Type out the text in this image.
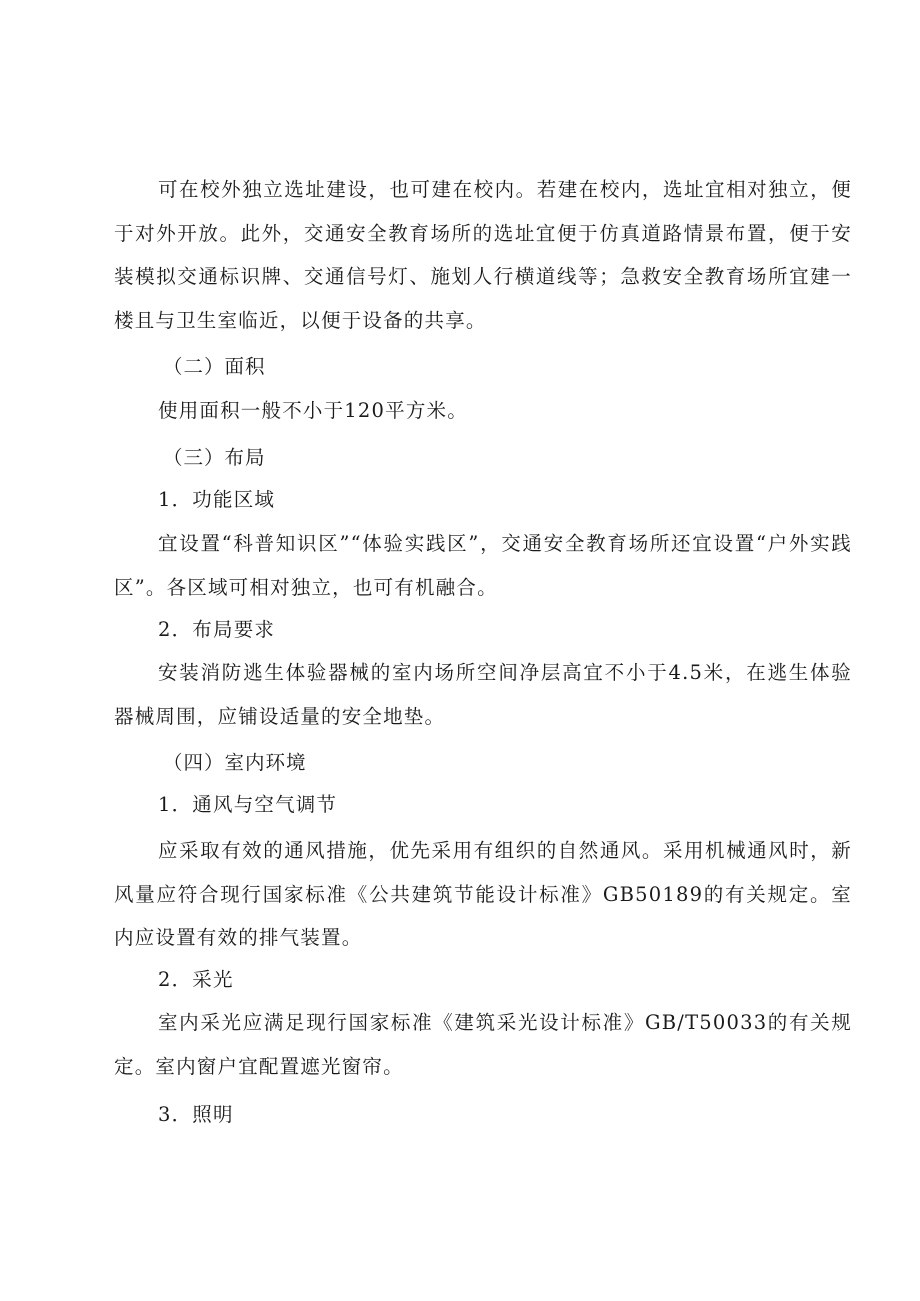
可在校外独立选址建设，也可建在校内。若建在校内，选址宜相对独立，便于对外开放。此外，交通安全教育场所的选址宜便于仿真道路情景布置，便于安装模拟交通标识牌、交通信号灯、施划人行横道线等；急救安全教育场所宜建一楼且与卫生室临近，以便于设备的共享。

（二）面积

使用面积一般不小于120平方米。

（三）布局

1．功能区域

宜设置“科普知识区”“体验实践区”，交通安全教育场所还宜设置“户外实践区”。各区域可相对独立，也可有机融合。

2．布局要求

安装消防逃生体验器械的室内场所空间净层高宜不小于4.5米，在逃生体验器械周围，应铺设适量的安全地垫。

（四）室内环境

1．通风与空气调节

应采取有效的通风措施，优先采用有组织的自然通风。采用机械通风时，新风量应符合现行国家标准《公共建筑节能设计标准》GB50189的有关规定。室内应设置有效的排气装置。

2．采光

室内采光应满足现行国家标准《建筑采光设计标准》GB/T50033的有关规定。室内窗户宜配置遮光窗帘。

3．照明
